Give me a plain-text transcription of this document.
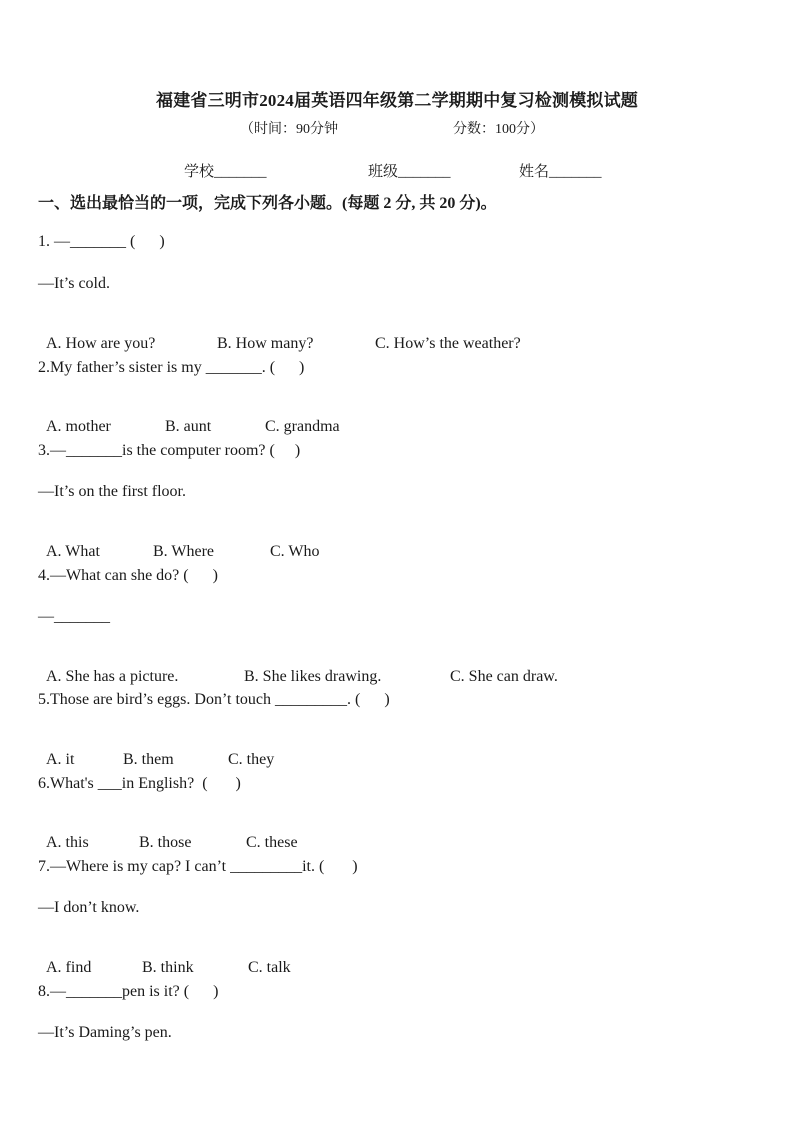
福建省三明市2024届英语四年级第二学期期中复习检测模拟试题
（时间：90分钟	分数：100分）
学校_______	班级_______	姓名_______
一、选出最恰当的一项，完成下列各小题。(每题 2 分, 共 20 分)。
1. —_______ (      )
—It’s cold.

A. How are you?	B. How many?	C. How’s the weather?

2.My father’s sister is my _______. (      )

A. mother	B. aunt	C. grandma

3.—_______is the computer room? (     )
—It’s on the first floor.

A. What	B. Where	C. Who

4.—What can she do? (      )
—_______

A. She has a picture.	B. She likes drawing.	C. She can draw.

5.Those are bird’s eggs. Don’t touch _________. (      )

A. it	B. them	C. they

6.What's ___in English?  (       )

A. this	B. those	C. these

7.—Where is my cap? I can’t _________it. (       )
—I don’t know.

A. find	B. think	C. talk

8.—_______pen is it? (      )
—It’s Daming’s pen.
